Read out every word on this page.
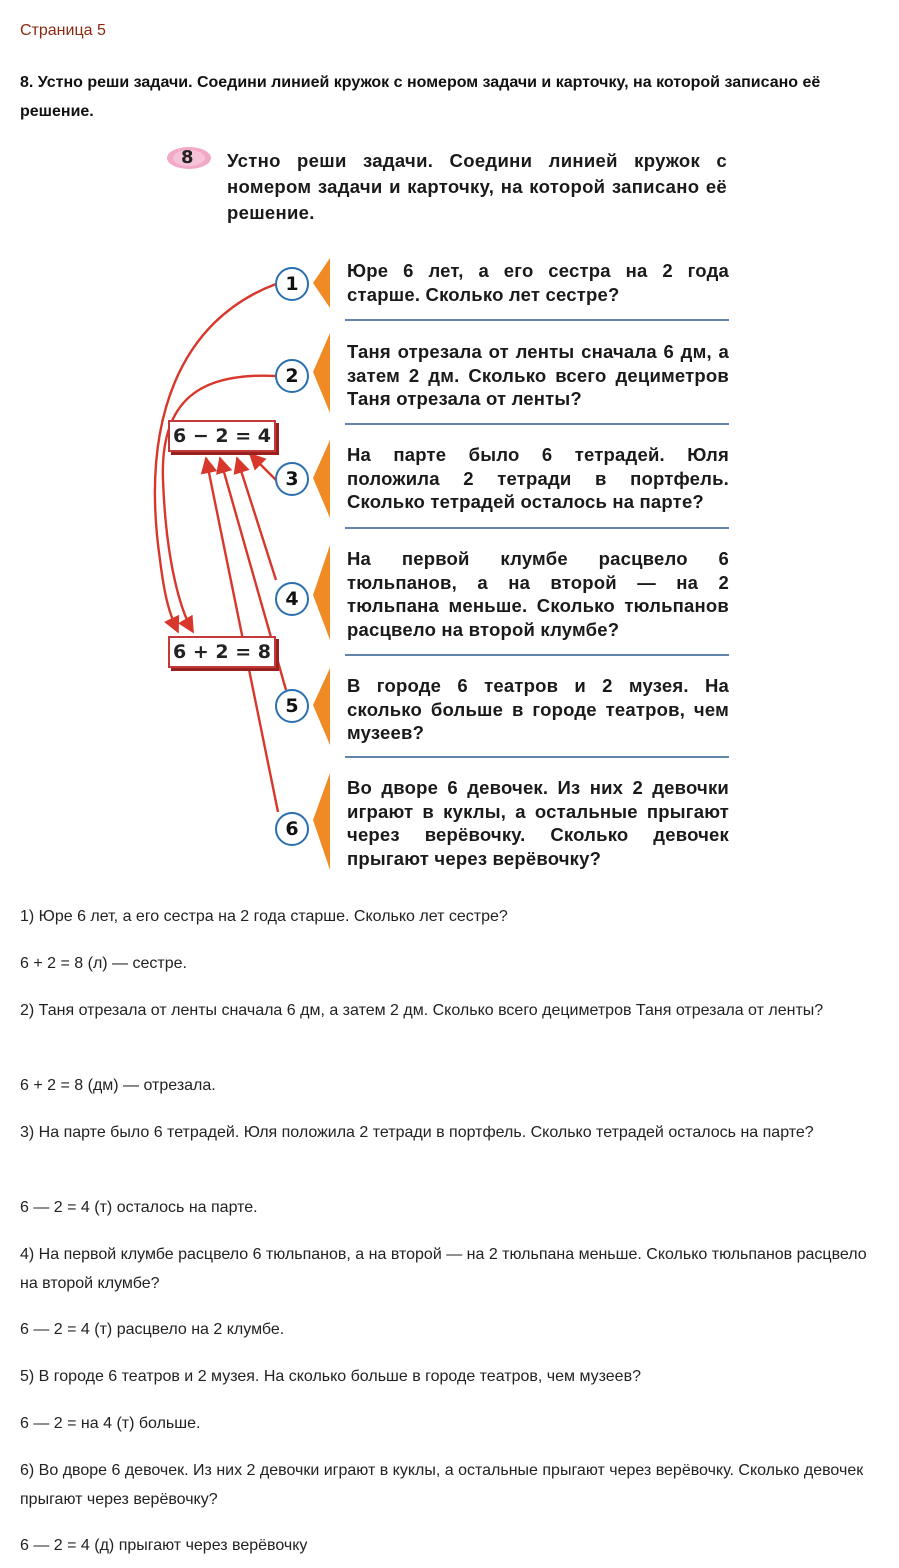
Страница 5

8. Устно реши задачи. Соедини линией кружок с номером задачи и карточку, на которой записано её решение.

8 Устно реши задачи. Соедини линией кружок с номером задачи и карточку, на которой записано её решение.
6 − 2 = 4
6 + 2 = 8
1
2
3
4
5
6
Юре 6 лет, а его сестра на 2 года старше. Сколько лет сестре?
Таня отрезала от ленты сначала 6 дм, а затем 2 дм. Сколько всего дециметров Таня отрезала от ленты?
На парте было 6 тетрадей. Юля положила 2 тетради в портфель. Сколько тетрадей осталось на парте?
На первой клумбе расцвело 6 тюльпанов, а на второй — на 2 тюльпана меньше. Сколько тюльпанов расцвело на второй клумбе?
В городе 6 театров и 2 музея. На сколько больше в городе театров, чем музеев?
Во дворе 6 девочек. Из них 2 девочки играют в куклы, а остальные прыгают через верёвочку. Сколько девочек прыгают через верёвочку?

1) Юре 6 лет, а его сестра на 2 года старше. Сколько лет сестре?

6 + 2 = 8 (л) — сестре.

2) Таня отрезала от ленты сначала 6 дм, а затем 2 дм. Сколько всего дециметров Таня отрезала от ленты?

6 + 2 = 8 (дм) — отрезала.

3) На парте было 6 тетрадей. Юля положила 2 тетради в портфель. Сколько тетрадей осталось на парте?

6 — 2 = 4 (т) осталось на парте.

4) На первой клумбе расцвело 6 тюльпанов, а на второй — на 2 тюльпана меньше. Сколько тюльпанов расцвело на второй клумбе?

6 — 2 = 4 (т) расцвело на 2 клумбе.

5) В городе 6 театров и 2 музея. На сколько больше в городе театров, чем музеев?

6 — 2 = на 4 (т) больше.

6) Во дворе 6 девочек. Из них 2 девочки играют в куклы, а остальные прыгают через верёвочку. Сколько девочек прыгают через верёвочку?

6 — 2 = 4 (д) прыгают через верёвочку
